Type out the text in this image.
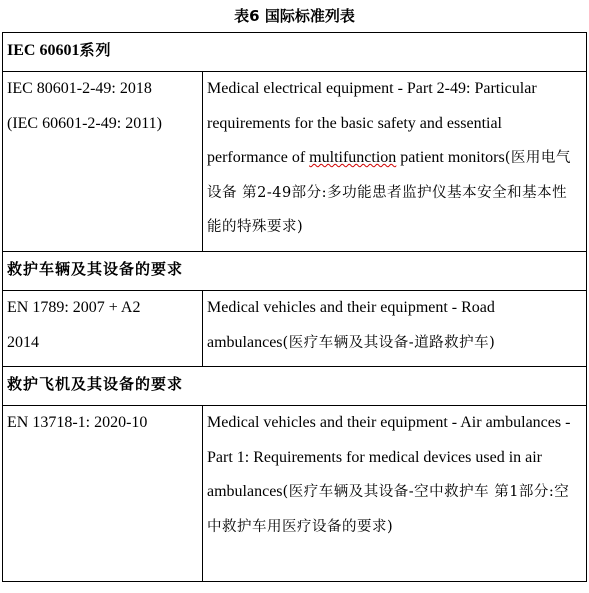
表6 国际标准列表
IEC 60601系列	

IEC 80601-2-49: 2018
(IEC 60601-2-49: 2011)	Medical electrical equipment - Part 2-49: Particular requirements for the basic safety and essential performance of multifunction patient monitors(医用电气设备 第2-49部分:多功能患者监护仪基本安全和基本性能的特殊要求)
救护车辆及其设备的要求	

EN 1789: 2007 + A2
2014	Medical vehicles and their equipment - Road ambulances(医疗车辆及其设备-道路救护车)
救护飞机及其设备的要求	

EN 13718-1: 2020-10	Medical vehicles and their equipment - Air ambulances - Part 1: Requirements for medical devices used in air ambulances(医疗车辆及其设备-空中救护车 第1部分:空中救护车用医疗设备的要求)
